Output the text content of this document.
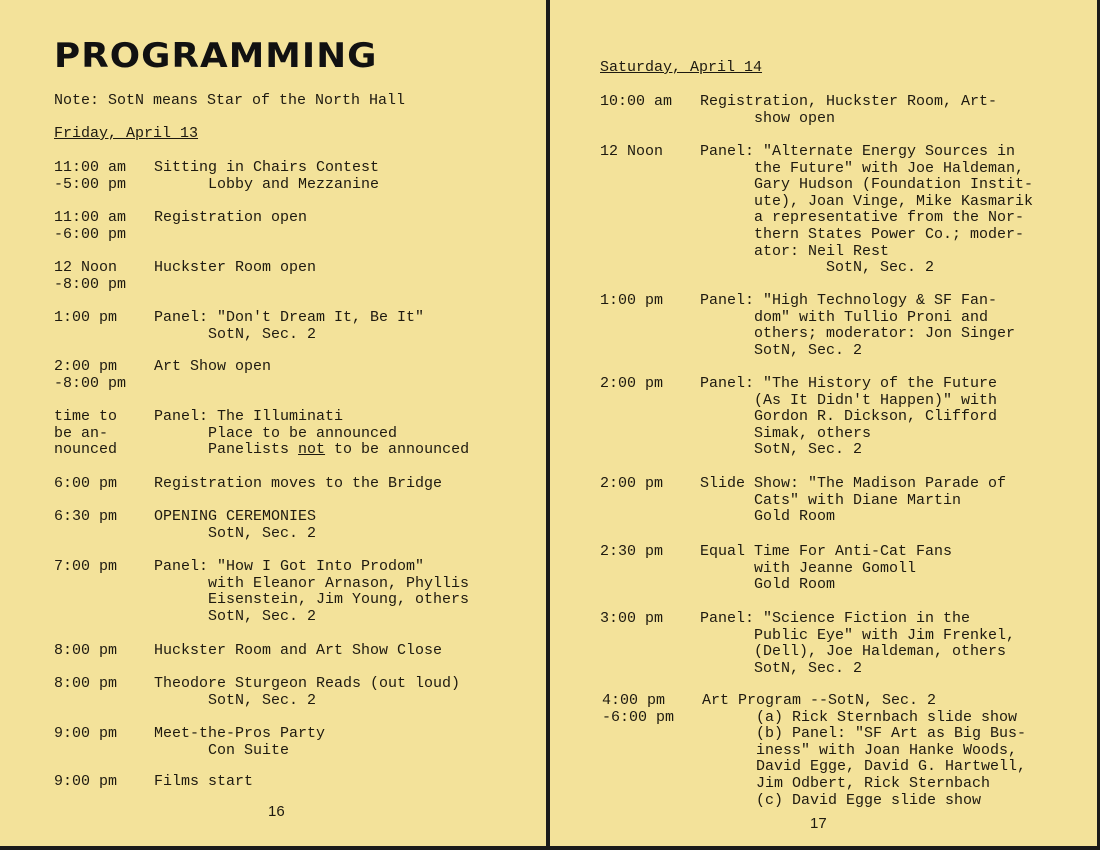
PROGRAMMING
Note: SotN means Star of the North Hall
Friday, April 13
11:00 am
-5:00 pm
Sitting in Chairs Contest
Lobby and Mezzanine
11:00 am
-6:00 pm
Registration open
12 Noon
-8:00 pm
Huckster Room open
1:00 pm Panel: "Don't Dream It, Be It"
SotN, Sec. 2
2:00 pm
-8:00 pm
Art Show open
time to
be an-
nounced
Panel: The Illuminati
Place to be announced
Panelists not to be announced
6:00 pm Registration moves to the Bridge
6:30 pm OPENING CEREMONIES
SotN, Sec. 2
7:00 pm Panel: "How I Got Into Prodom"
with Eleanor Arnason, Phyllis
Eisenstein, Jim Young, others
SotN, Sec. 2
8:00 pm Huckster Room and Art Show Close
8:00 pm Theodore Sturgeon Reads (out loud)
SotN, Sec. 2
9:00 pm Meet-the-Pros Party
Con Suite
9:00 pm Films start
16
Saturday, April 14
10:00 am Registration, Huckster Room, Art-
show open
12 Noon Panel: "Alternate Energy Sources in
the Future" with Joe Haldeman,
Gary Hudson (Foundation Instit-
ute), Joan Vinge, Mike Kasmarik
a representative from the Nor-
thern States Power Co.; moder-
ator: Neil Rest
SotN, Sec. 2
1:00 pm Panel: "High Technology & SF Fan-
dom" with Tullio Proni and
others; moderator: Jon Singer
SotN, Sec. 2
2:00 pm Panel: "The History of the Future
(As It Didn't Happen)" with
Gordon R. Dickson, Clifford
Simak, others
SotN, Sec. 2
2:00 pm Slide Show: "The Madison Parade of
Cats" with Diane Martin
Gold Room
2:30 pm Equal Time For Anti-Cat Fans
with Jeanne Gomoll
Gold Room
3:00 pm Panel: "Science Fiction in the
Public Eye" with Jim Frenkel,
(Dell), Joe Haldeman, others
SotN, Sec. 2
4:00 pm
-6:00 pm
Art Program --SotN, Sec. 2
(a) Rick Sternbach slide show
(b) Panel: "SF Art as Big Bus-
iness" with Joan Hanke Woods,
David Egge, David G. Hartwell,
Jim Odbert, Rick Sternbach
(c) David Egge slide show
17
